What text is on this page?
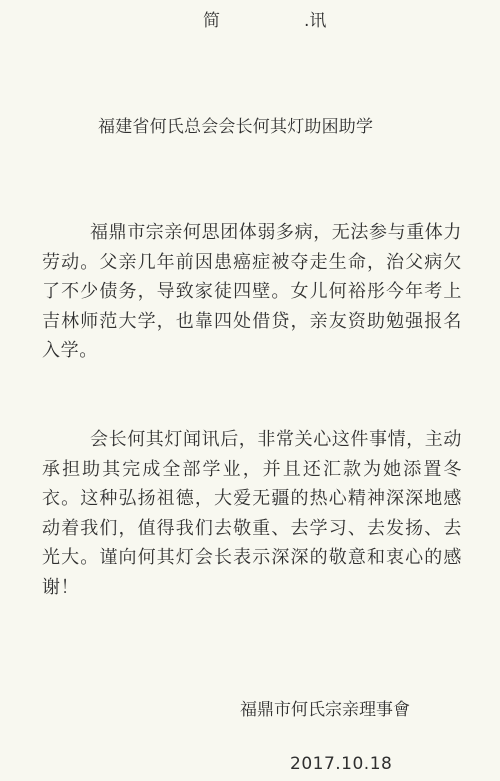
简	.讯
福建省何氏总会会长何其灯助困助学

福鼎市宗亲何思团体弱多病，无法参与重体力劳动。父亲几年前因患癌症被夺走生命，治父病欠了不少债务，导致家徒四壁。女儿何裕彤今年考上吉林师范大学，也靠四处借贷，亲友资助勉强报名入学。

会长何其灯闻讯后，非常关心这件事情，主动承担助其完成全部学业，并且还汇款为她添置冬衣。这种弘扬祖德，大爱无疆的热心精神深深地感动着我们，值得我们去敬重、去学习、去发扬、去光大。谨向何其灯会长表示深深的敬意和衷心的感谢！

福鼎市何氏宗亲理事會
2017.10.18
